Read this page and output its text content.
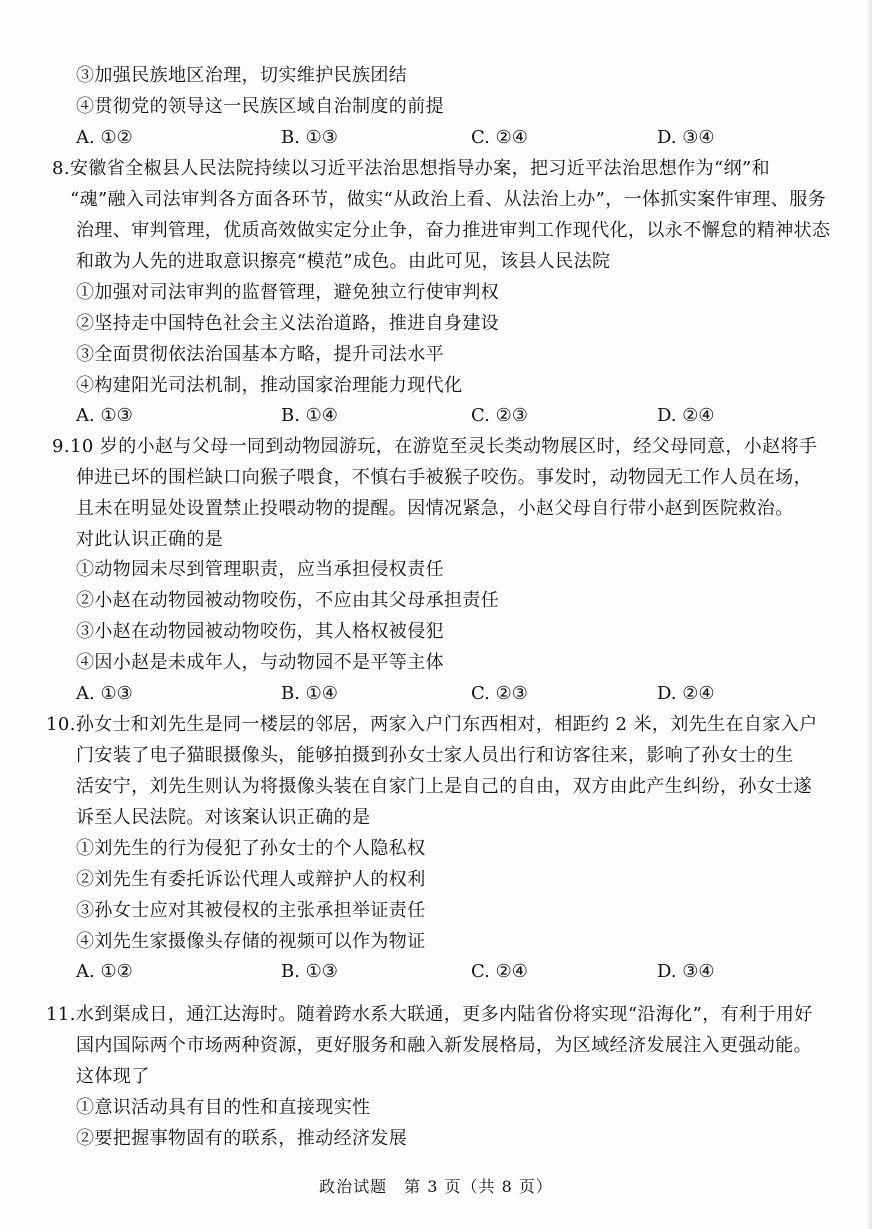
③加强民族地区治理，切实维护民族团结
④贯彻党的领导这一民族区域自治制度的前提
A. ①②	B. ①③	C. ②④	D. ③④
8.安徽省全椒县人民法院持续以习近平法治思想指导办案，把习近平法治思想作为“纲”和
“魂”融入司法审判各方面各环节，做实“从政治上看、从法治上办”，一体抓实案件审理、服务
治理、审判管理，优质高效做实定分止争，奋力推进审判工作现代化，以永不懈怠的精神状态
和敢为人先的进取意识擦亮“模范”成色。由此可见，该县人民法院
①加强对司法审判的监督管理，避免独立行使审判权
②坚持走中国特色社会主义法治道路，推进自身建设
③全面贯彻依法治国基本方略，提升司法水平
④构建阳光司法机制，推动国家治理能力现代化
A. ①③	B. ①④	C. ②③	D. ②④
9.10 岁的小赵与父母一同到动物园游玩，在游览至灵长类动物展区时，经父母同意，小赵将手
伸进已坏的围栏缺口向猴子喂食，不慎右手被猴子咬伤。事发时，动物园无工作人员在场，
且未在明显处设置禁止投喂动物的提醒。因情况紧急，小赵父母自行带小赵到医院救治。
对此认识正确的是
①动物园未尽到管理职责，应当承担侵权责任
②小赵在动物园被动物咬伤，不应由其父母承担责任
③小赵在动物园被动物咬伤，其人格权被侵犯
④因小赵是未成年人，与动物园不是平等主体
A. ①③	B. ①④	C. ②③	D. ②④
10.孙女士和刘先生是同一楼层的邻居，两家入户门东西相对，相距约 2 米，刘先生在自家入户
门安装了电子猫眼摄像头，能够拍摄到孙女士家人员出行和访客往来，影响了孙女士的生
活安宁，刘先生则认为将摄像头装在自家门上是自己的自由，双方由此产生纠纷，孙女士遂
诉至人民法院。对该案认识正确的是
①刘先生的行为侵犯了孙女士的个人隐私权
②刘先生有委托诉讼代理人或辩护人的权利
③孙女士应对其被侵权的主张承担举证责任
④刘先生家摄像头存储的视频可以作为物证
A. ①②	B. ①③	C. ②④	D. ③④
11.水到渠成日，通江达海时。随着跨水系大联通，更多内陆省份将实现“沿海化”，有利于用好
国内国际两个市场两种资源，更好服务和融入新发展格局，为区域经济发展注入更强动能。
这体现了
①意识活动具有目的性和直接现实性
②要把握事物固有的联系，推动经济发展
政治试题　第 3 页（共 8 页）
